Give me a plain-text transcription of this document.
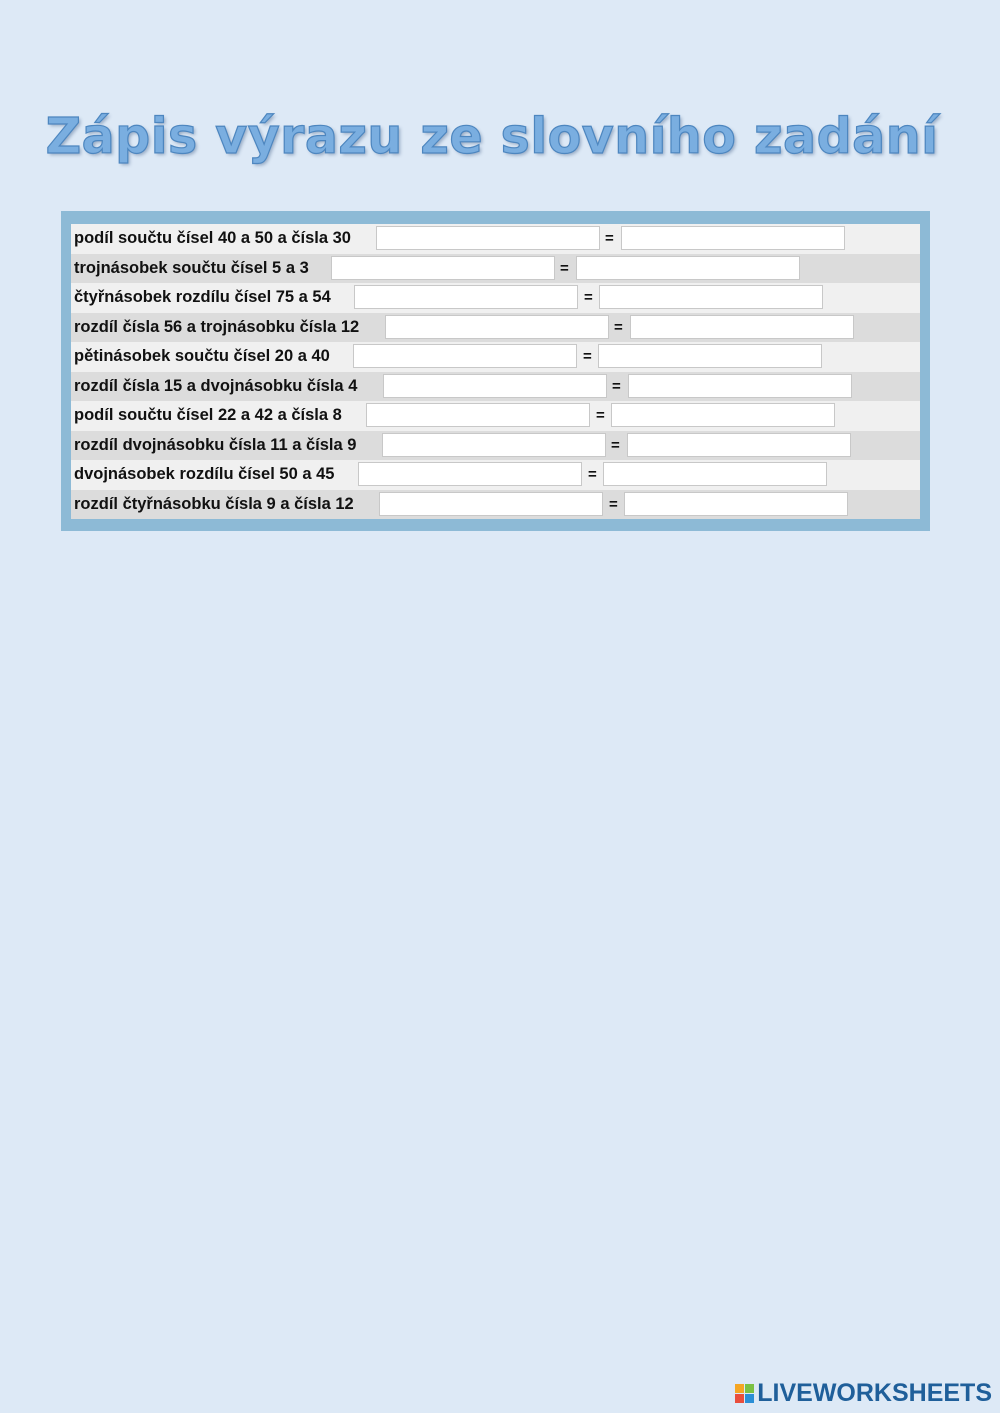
Zápis výrazu ze slovního zadání
podíl součtu čísel 40 a 50 a čísla 30	=
trojnásobek součtu čísel 5 a 3	=
čtyřnásobek rozdílu čísel 75 a 54	=
rozdíl čísla 56 a trojnásobku čísla 12	=
pětinásobek součtu čísel 20 a 40	=
rozdíl čísla 15 a dvojnásobku čísla 4	=
podíl součtu čísel 22 a 42 a čísla 8	=
rozdíl dvojnásobku čísla 11 a čísla 9	=
dvojnásobek rozdílu čísel 50 a 45	=
rozdíl čtyřnásobku čísla 9 a čísla 12	=
LIVEWORKSHEETS
